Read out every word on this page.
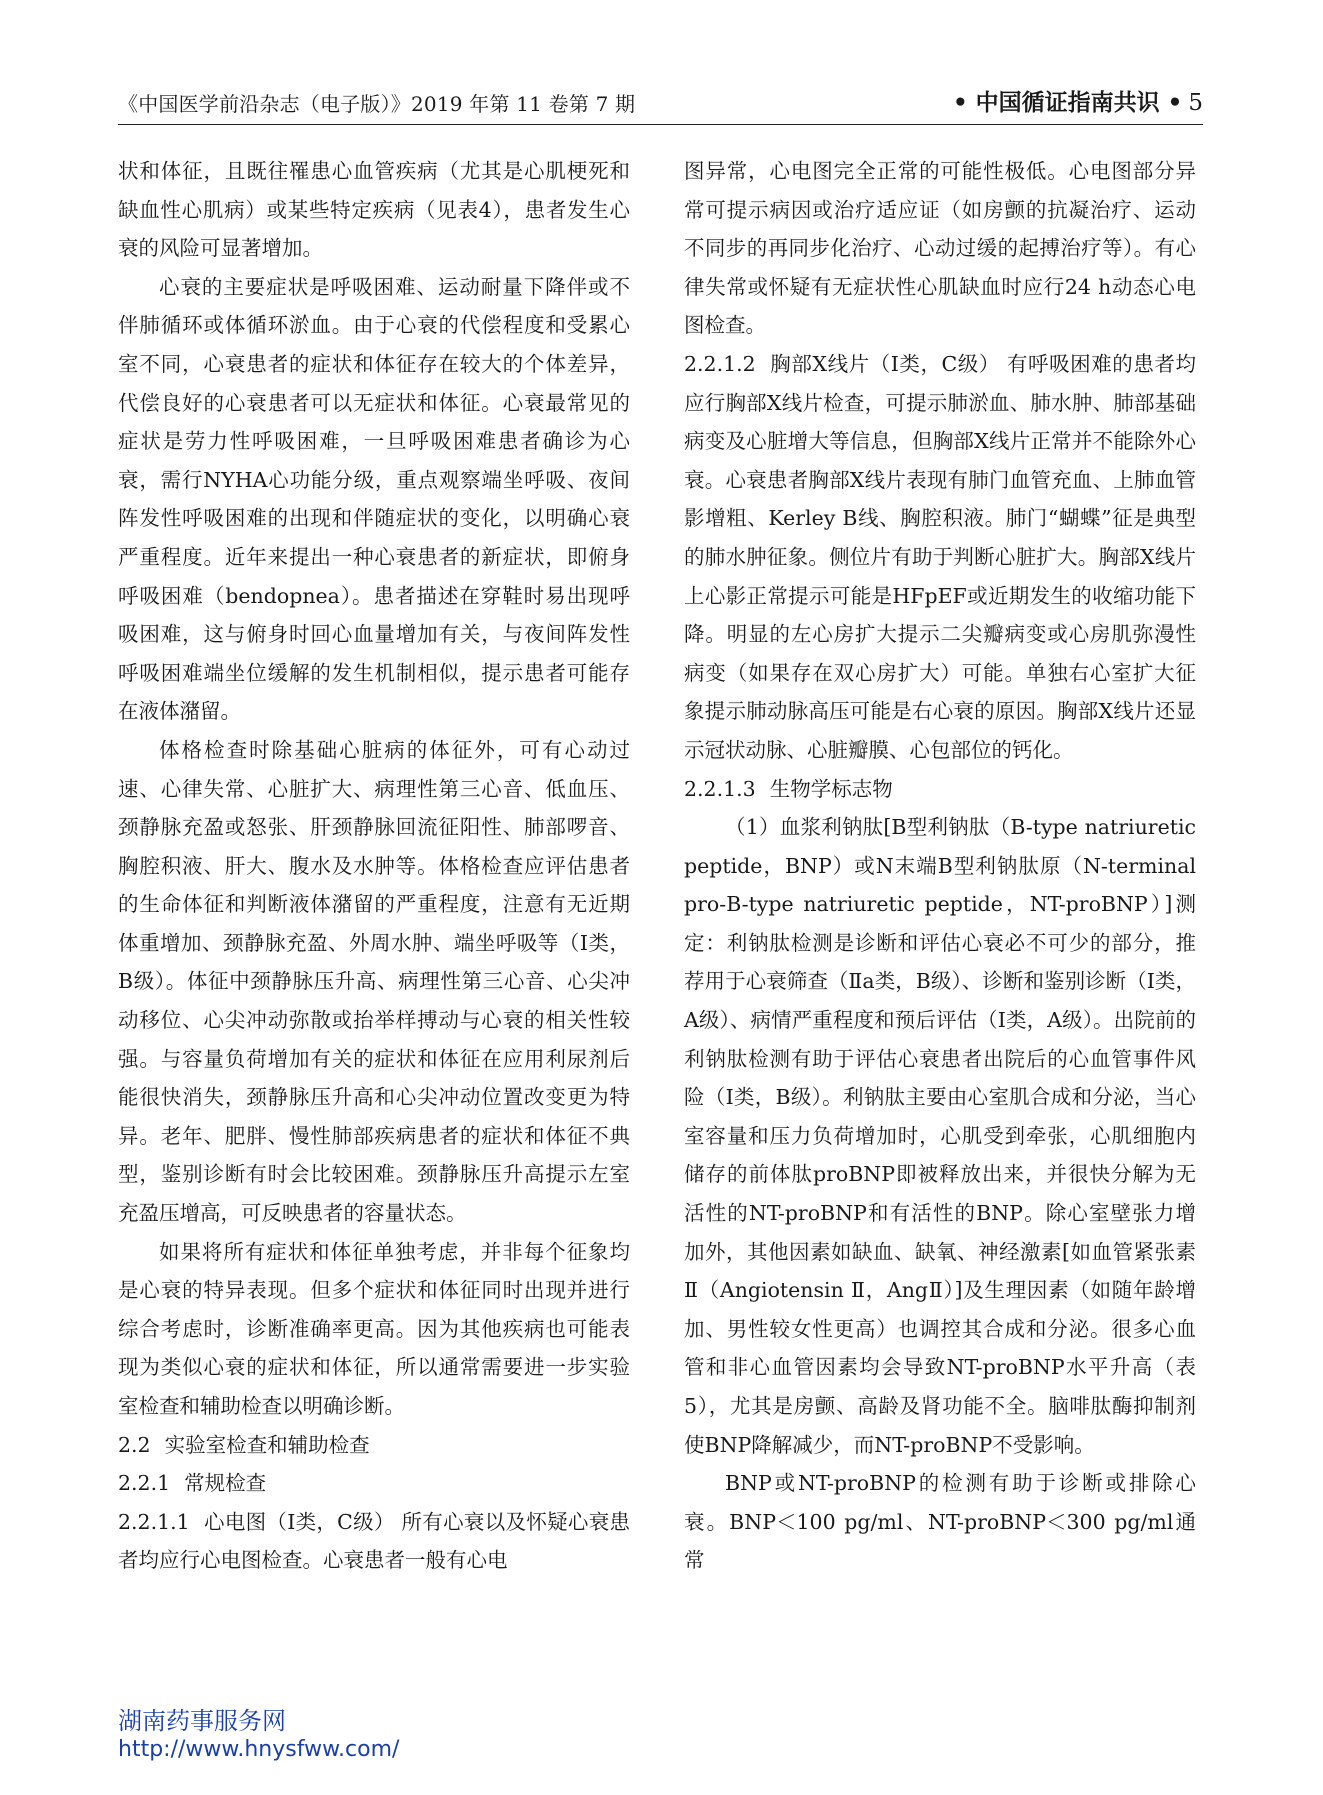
《中国医学前沿杂志（电子版）》2019 年第 11 卷第 7 期	• 中国循证指南共识 • 5

状和体征，且既往罹患心血管疾病（尤其是心肌梗死和缺血性心肌病）或某些特定疾病（见表4），患者发生心衰的风险可显著增加。

心衰的主要症状是呼吸困难、运动耐量下降伴或不伴肺循环或体循环淤血。由于心衰的代偿程度和受累心室不同，心衰患者的症状和体征存在较大的个体差异，代偿良好的心衰患者可以无症状和体征。心衰最常见的症状是劳力性呼吸困难，一旦呼吸困难患者确诊为心衰，需行NYHA心功能分级，重点观察端坐呼吸、夜间阵发性呼吸困难的出现和伴随症状的变化，以明确心衰严重程度。近年来提出一种心衰患者的新症状，即俯身呼吸困难（bendopnea）。患者描述在穿鞋时易出现呼吸困难，这与俯身时回心血量增加有关，与夜间阵发性呼吸困难端坐位缓解的发生机制相似，提示患者可能存在液体潴留。

体格检查时除基础心脏病的体征外，可有心动过速、心律失常、心脏扩大、病理性第三心音、低血压、颈静脉充盈或怒张、肝颈静脉回流征阳性、肺部啰音、胸腔积液、肝大、腹水及水肿等。体格检查应评估患者的生命体征和判断液体潴留的严重程度，注意有无近期体重增加、颈静脉充盈、外周水肿、端坐呼吸等（Ⅰ类，B级）。体征中颈静脉压升高、病理性第三心音、心尖冲动移位、心尖冲动弥散或抬举样搏动与心衰的相关性较强。与容量负荷增加有关的症状和体征在应用利尿剂后能很快消失，颈静脉压升高和心尖冲动位置改变更为特异。老年、肥胖、慢性肺部疾病患者的症状和体征不典型，鉴别诊断有时会比较困难。颈静脉压升高提示左室充盈压增高，可反映患者的容量状态。

如果将所有症状和体征单独考虑，并非每个征象均是心衰的特异表现。但多个症状和体征同时出现并进行综合考虑时，诊断准确率更高。因为其他疾病也可能表现为类似心衰的症状和体征，所以通常需要进一步实验室检查和辅助检查以明确诊断。

2.2 实验室检查和辅助检查

2.2.1 常规检查

2.2.1.1 心电图（Ⅰ类，C级） 所有心衰以及怀疑心衰患者均应行心电图检查。心衰患者一般有心电

图异常，心电图完全正常的可能性极低。心电图部分异常可提示病因或治疗适应证（如房颤的抗凝治疗、运动不同步的再同步化治疗、心动过缓的起搏治疗等）。有心律失常或怀疑有无症状性心肌缺血时应行24 h动态心电图检查。

2.2.1.2 胸部X线片（Ⅰ类，C级） 有呼吸困难的患者均应行胸部X线片检查，可提示肺淤血、肺水肿、肺部基础病变及心脏增大等信息，但胸部X线片正常并不能除外心衰。心衰患者胸部X线片表现有肺门血管充血、上肺血管影增粗、Kerley B线、胸腔积液。肺门“蝴蝶”征是典型的肺水肿征象。侧位片有助于判断心脏扩大。胸部X线片上心影正常提示可能是HFpEF或近期发生的收缩功能下降。明显的左心房扩大提示二尖瓣病变或心房肌弥漫性病变（如果存在双心房扩大）可能。单独右心室扩大征象提示肺动脉高压可能是右心衰的原因。胸部X线片还显示冠状动脉、心脏瓣膜、心包部位的钙化。

2.2.1.3 生物学标志物

（1）血浆利钠肽[B型利钠肽（B-type natriuretic peptide，BNP）或N末端B型利钠肽原（N-terminal pro-B-type natriuretic peptide，NT-proBNP）]测定：利钠肽检测是诊断和评估心衰必不可少的部分，推荐用于心衰筛查（Ⅱa类，B级）、诊断和鉴别诊断（Ⅰ类，A级）、病情严重程度和预后评估（Ⅰ类，A级）。出院前的利钠肽检测有助于评估心衰患者出院后的心血管事件风险（Ⅰ类，B级）。利钠肽主要由心室肌合成和分泌，当心室容量和压力负荷增加时，心肌受到牵张，心肌细胞内储存的前体肽proBNP即被释放出来，并很快分解为无活性的NT-proBNP和有活性的BNP。除心室壁张力增加外，其他因素如缺血、缺氧、神经激素[如血管紧张素Ⅱ（Angiotensin Ⅱ，AngⅡ）]及生理因素（如随年龄增加、男性较女性更高）也调控其合成和分泌。很多心血管和非心血管因素均会导致NT-proBNP水平升高（表5），尤其是房颤、高龄及肾功能不全。脑啡肽酶抑制剂使BNP降解减少，而NT-proBNP不受影响。

BNP或NT-proBNP的检测有助于诊断或排除心衰。BNP＜100 pg/ml、NT-proBNP＜300 pg/ml通常

湖南药事服务网
http://www.hnysfww.com/
